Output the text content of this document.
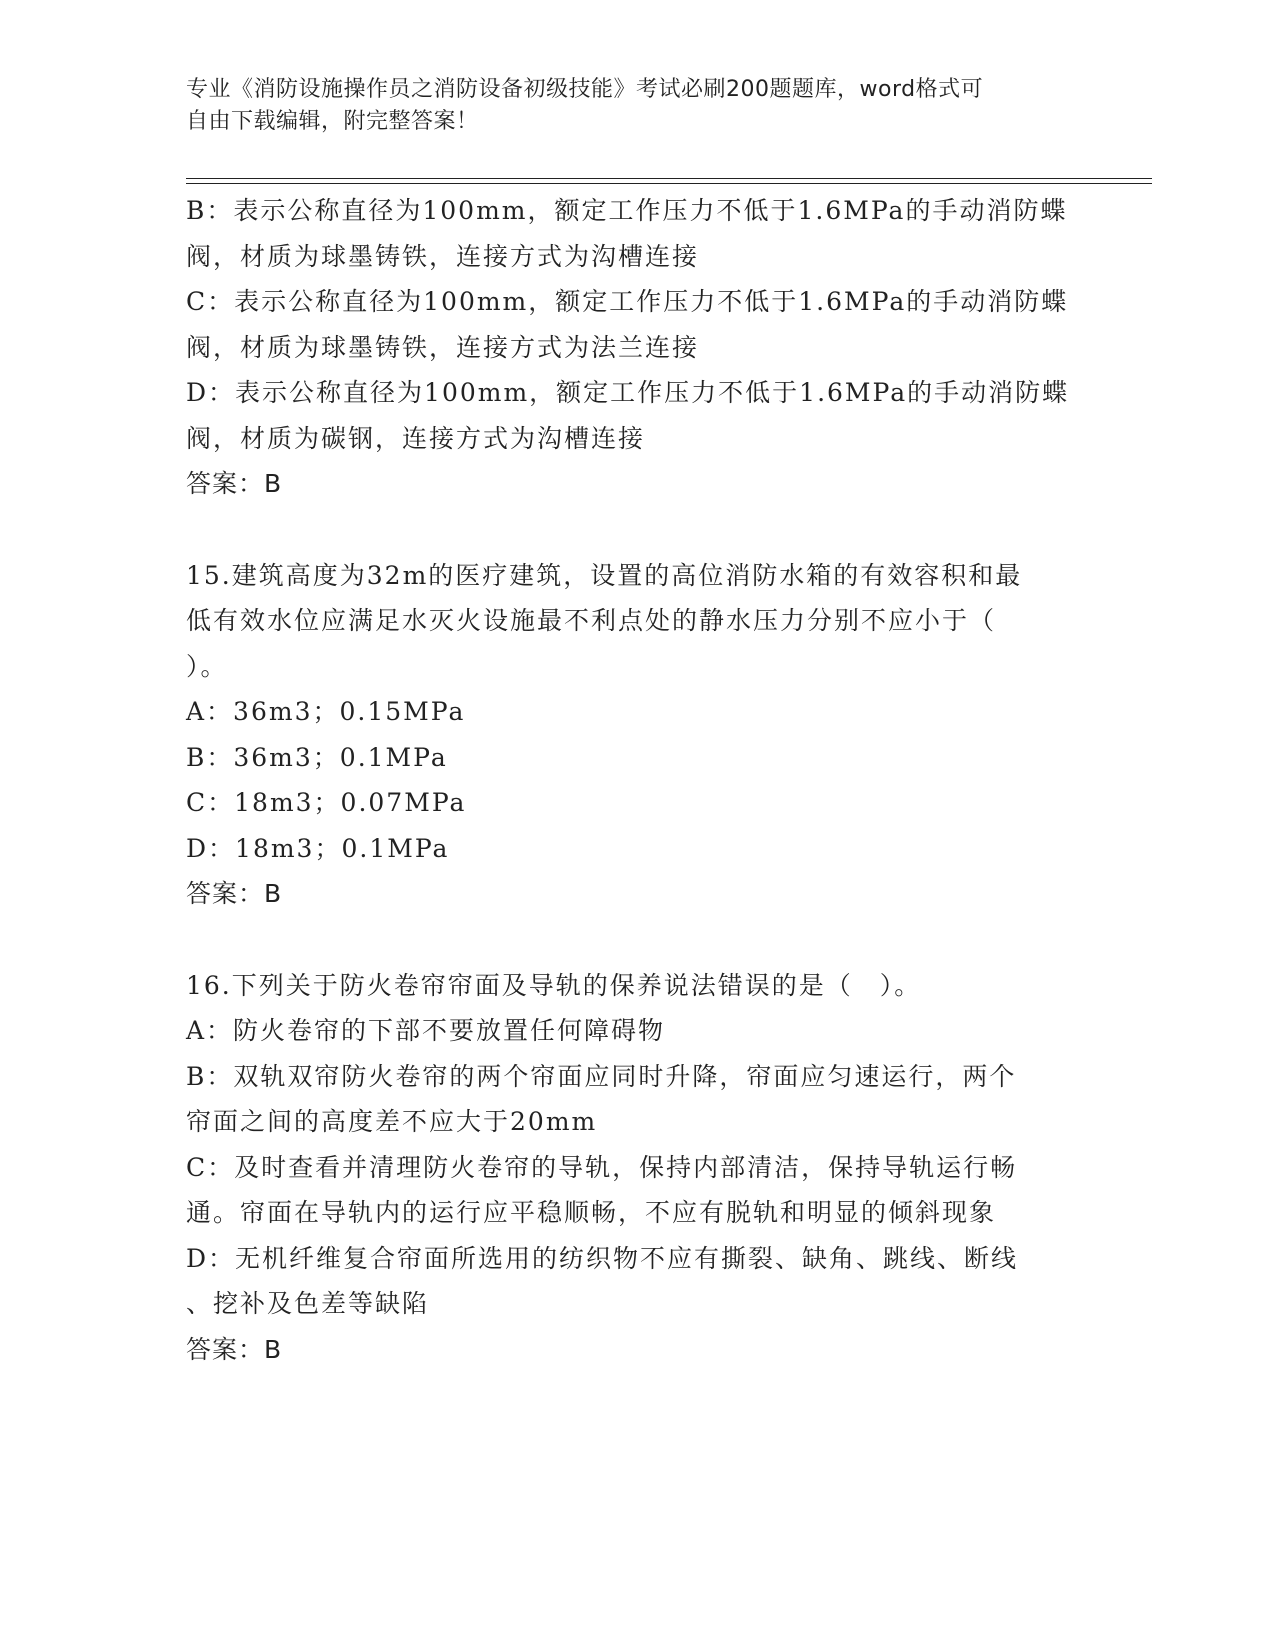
专业《消防设施操作员之消防设备初级技能》考试必刷200题题库，word格式可
自由下载编辑，附完整答案！
B：表示公称直径为100mm，额定工作压力不低于1.6MPa的手动消防蝶
阀，材质为球墨铸铁，连接方式为沟槽连接
C：表示公称直径为100mm，额定工作压力不低于1.6MPa的手动消防蝶
阀，材质为球墨铸铁，连接方式为法兰连接
D：表示公称直径为100mm，额定工作压力不低于1.6MPa的手动消防蝶
阀，材质为碳钢，连接方式为沟槽连接
答案：B
15.建筑高度为32m的医疗建筑，设置的高位消防水箱的有效容积和最
低有效水位应满足水灭火设施最不利点处的静水压力分别不应小于（
）。
A：36m3；0.15MPa
B：36m3；0.1MPa
C：18m3；0.07MPa
D：18m3；0.1MPa
答案：B
16.下列关于防火卷帘帘面及导轨的保养说法错误的是（　）。
A：防火卷帘的下部不要放置任何障碍物
B：双轨双帘防火卷帘的两个帘面应同时升降，帘面应匀速运行，两个
帘面之间的高度差不应大于20mm
C：及时查看并清理防火卷帘的导轨，保持内部清洁，保持导轨运行畅
通。帘面在导轨内的运行应平稳顺畅，不应有脱轨和明显的倾斜现象
D：无机纤维复合帘面所选用的纺织物不应有撕裂、缺角、跳线、断线
、挖补及色差等缺陷
答案：B
